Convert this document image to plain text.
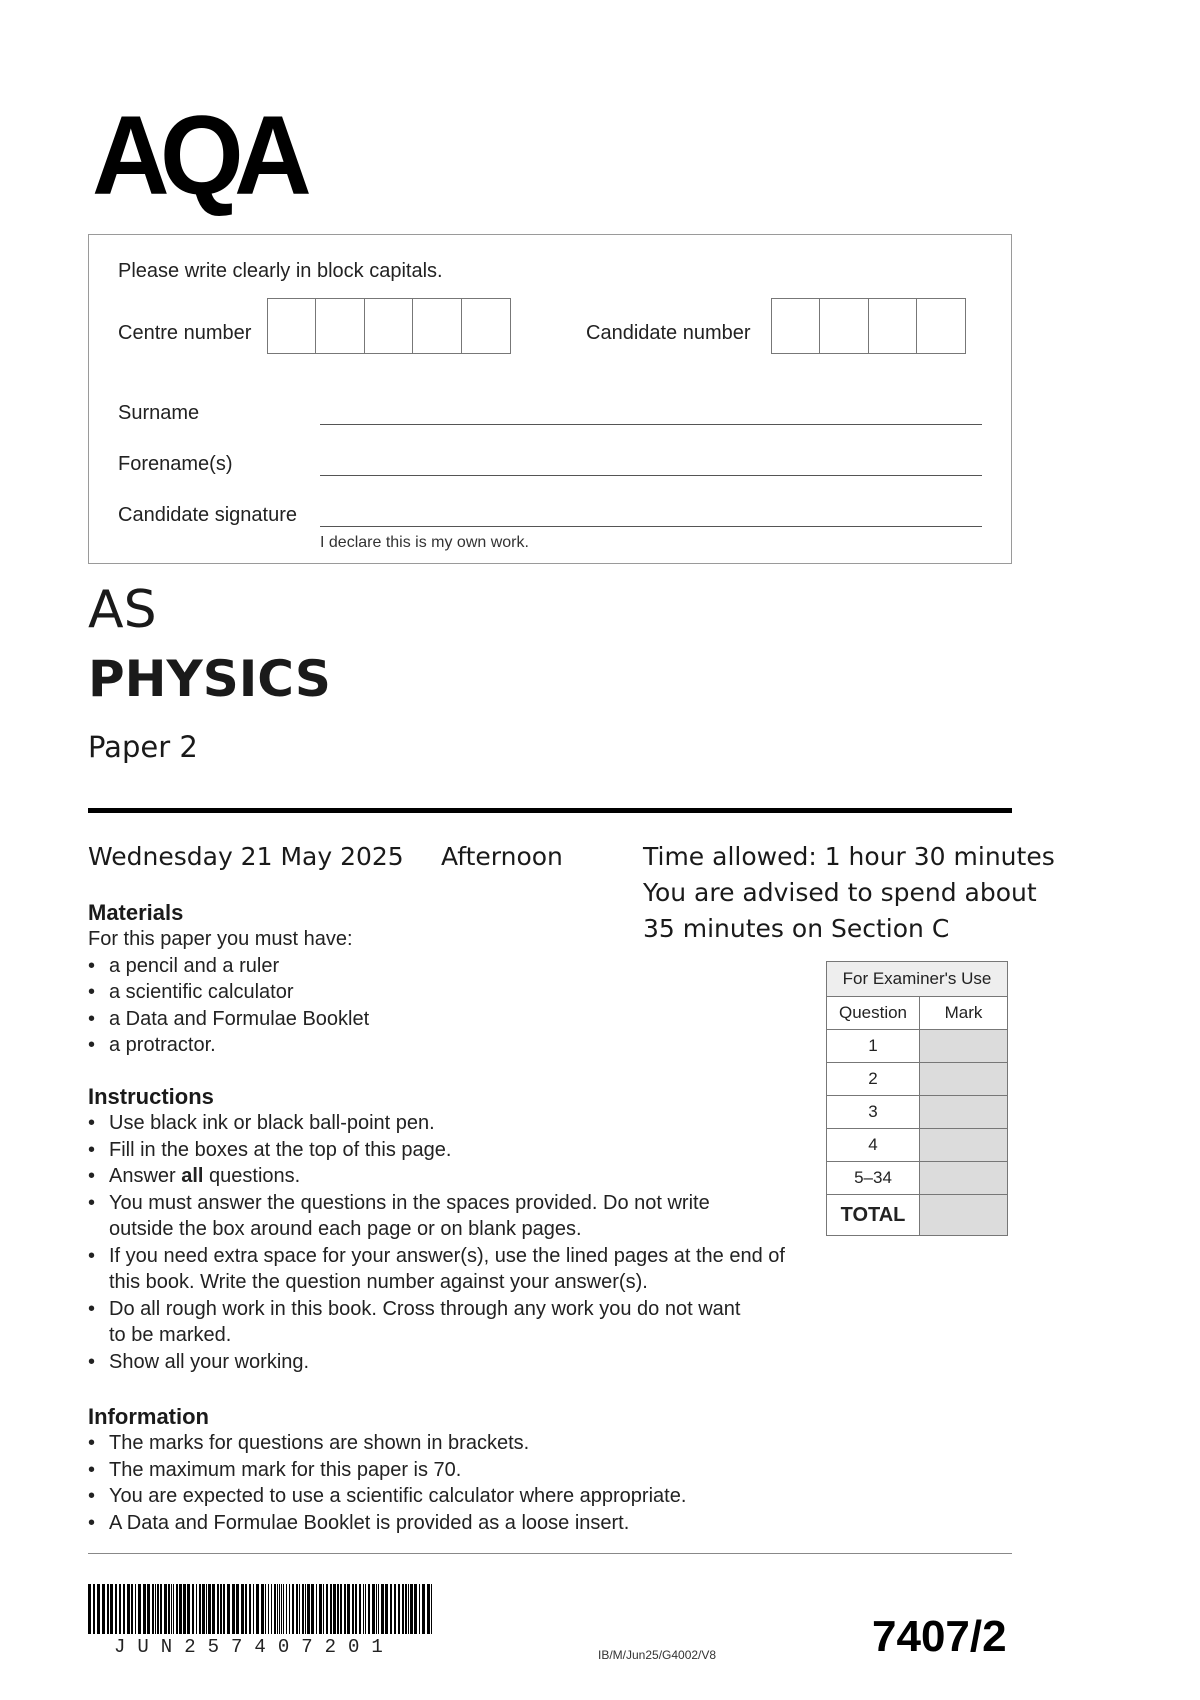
AQA
Please write clearly in block capitals.
Centre number	Candidate number
Surname
Forename(s)
Candidate signature
I declare this is my own work.
AS
PHYSICS
Paper 2
Wednesday 21 May 2025 Afternoon	Time allowed: 1 hour 30 minutes
You are advised to spend about
35 minutes on Section C
Materials
For this paper you must have:
• a pencil and a ruler
• a scientific calculator
• a Data and Formulae Booklet
• a protractor.
Instructions
• Use black ink or black ball-point pen.
• Fill in the boxes at the top of this page.
• Answer all questions.
• You must answer the questions in the spaces provided. Do not write
outside the box around each page or on blank pages.
• If you need extra space for your answer(s), use the lined pages at the end of
this book. Write the question number against your answer(s).
• Do all rough work in this book. Cross through any work you do not want
to be marked.
• Show all your working.
Information
• The marks for questions are shown in brackets.
• The maximum mark for this paper is 70.
• You are expected to use a scientific calculator where appropriate.
• A Data and Formulae Booklet is provided as a loose insert.
For Examiner's Use	
Question	Mark
1	
2	
3	
4	
5–34	
TOTAL	
JUN257407201	IB/M/Jun25/G4002/V8	7407/2
